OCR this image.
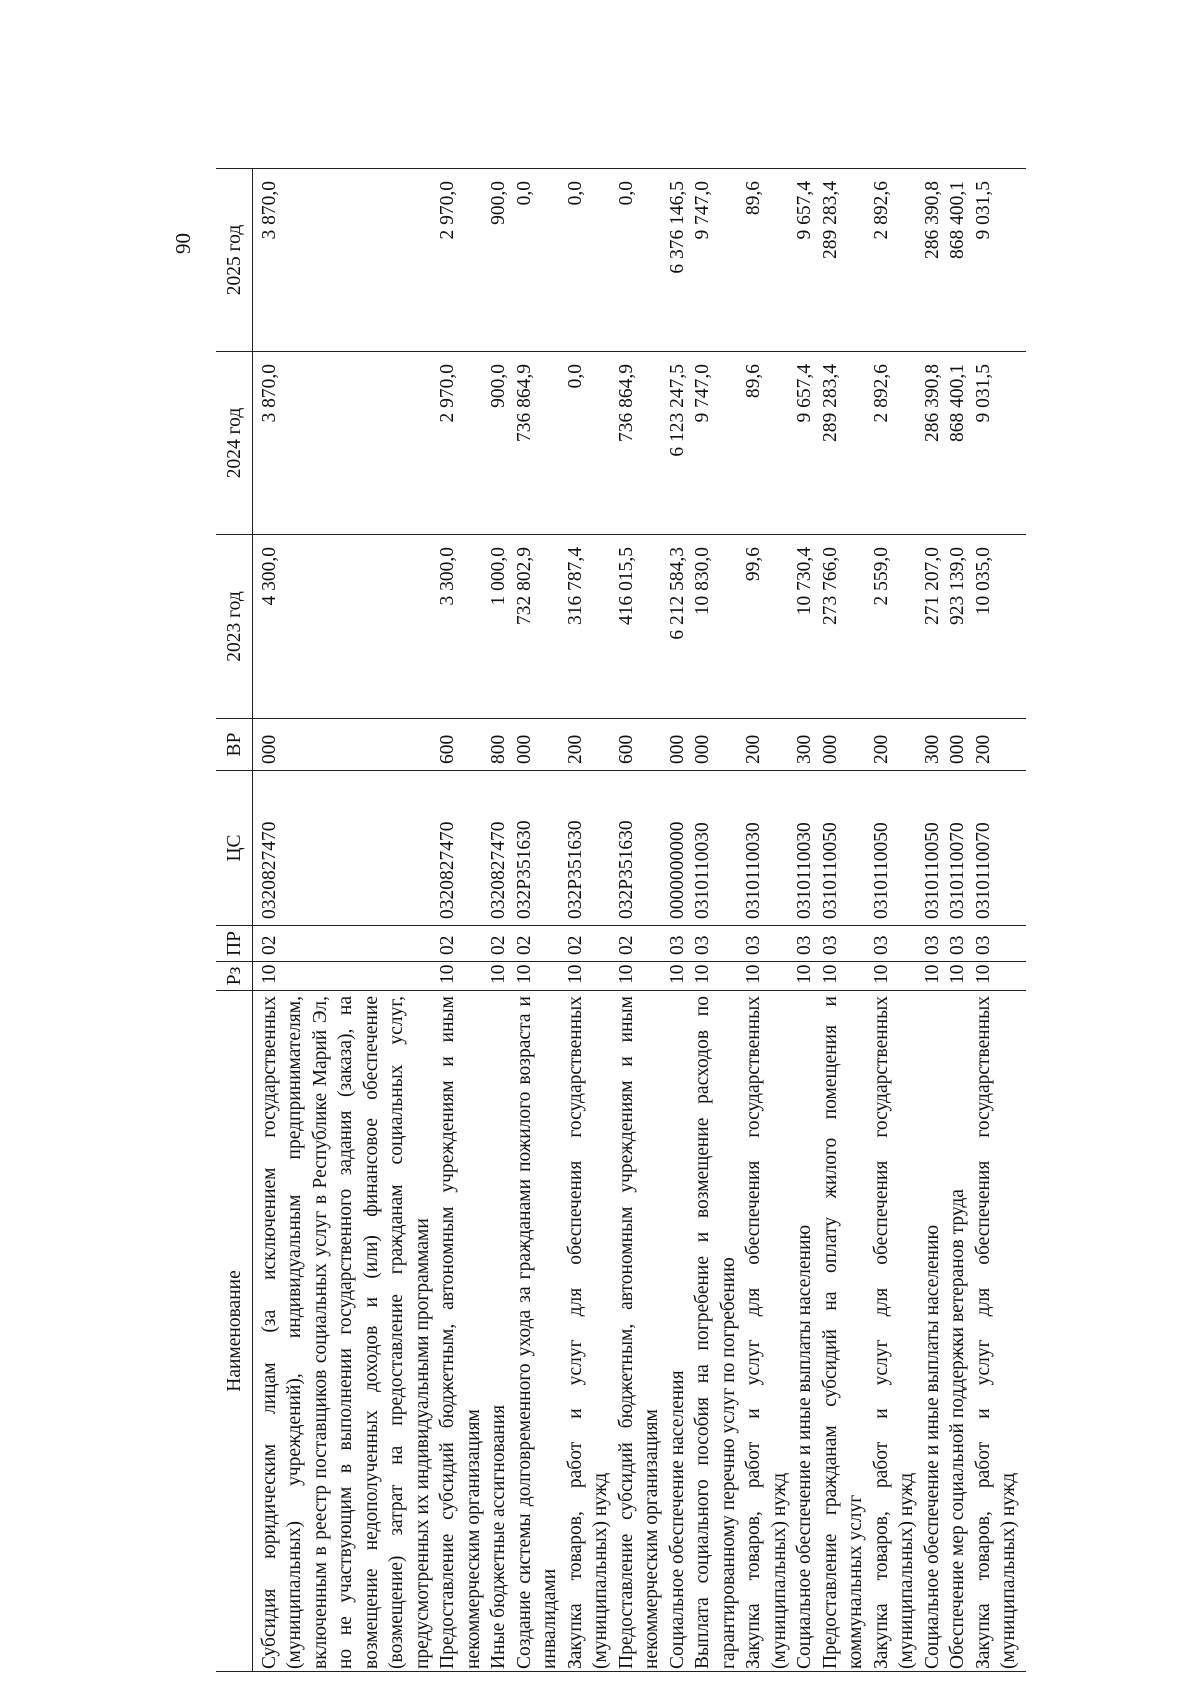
90
Наименование	Рз	ПР	ЦС	ВР	2023 год	2024 год	2025 год
Субсидия юридическим лицам (за исключением государственных (муниципальных) учреждений), индивидуальным предпринимателям, включенным в реестр поставщиков социальных услуг в Республике Марий Эл, но не участвующим в выполнении государственного задания (заказа), на возмещение недополученных доходов и (или) финансовое обеспечение (возмещение) затрат на предоставление гражданам социальных услуг, предусмотренных их индивидуальными программами	10	02	0320827470	000	4 300,0	3 870,0	3 870,0
Предоставление субсидий бюджетным, автономным учреждениям и иным некоммерческим организациям	10	02	0320827470	600	3 300,0	2 970,0	2 970,0
Иные бюджетные ассигнования	10	02	0320827470	800	1 000,0	900,0	900,0
Создание системы долговременного ухода за гражданами пожилого возраста и инвалидами	10	02	032P351630	000	732 802,9	736 864,9	0,0
Закупка товаров, работ и услуг для обеспечения государственных (муниципальных) нужд	10	02	032P351630	200	316 787,4	0,0	0,0
Предоставление субсидий бюджетным, автономным учреждениям и иным некоммерческим организациям	10	02	032P351630	600	416 015,5	736 864,9	0,0
Социальное обеспечение населения	10	03	0000000000	000	6 212 584,3	6 123 247,5	6 376 146,5
Выплата социального пособия на погребение и возмещение расходов по гарантированному перечню услуг по погребению	10	03	0310110030	000	10 830,0	9 747,0	9 747,0
Закупка товаров, работ и услуг для обеспечения государственных (муниципальных) нужд	10	03	0310110030	200	99,6	89,6	89,6
Социальное обеспечение и иные выплаты населению	10	03	0310110030	300	10 730,4	9 657,4	9 657,4
Предоставление гражданам субсидий на оплату жилого помещения и коммунальных услуг	10	03	0310110050	000	273 766,0	289 283,4	289 283,4
Закупка товаров, работ и услуг для обеспечения государственных (муниципальных) нужд	10	03	0310110050	200	2 559,0	2 892,6	2 892,6
Социальное обеспечение и иные выплаты населению	10	03	0310110050	300	271 207,0	286 390,8	286 390,8
Обеспечение мер социальной поддержки ветеранов труда	10	03	0310110070	000	923 139,0	868 400,1	868 400,1
Закупка товаров, работ и услуг для обеспечения государственных (муниципальных) нужд	10	03	0310110070	200	10 035,0	9 031,5	9 031,5
